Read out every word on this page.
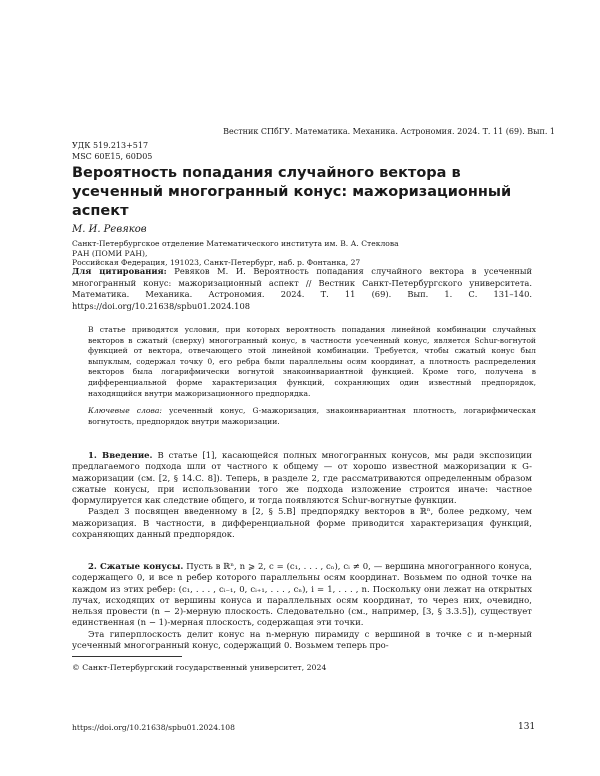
Вестник СПбГУ. Математика. Механика. Астрономия. 2024. Т. 11 (69). Вып. 1
УДК 519.213+517
MSC 60E15, 60D05
Вероятность попадания случайного вектора в усеченный многогранный конус: мажоризационный аспект
М. И. Ревяков
Санкт-Петербургское отделение Математического института им. В. А. Стеклова
РАН (ПОМИ РАН),
Российская Федерация, 191023, Санкт-Петербург, наб. р. Фонтанка, 27
Для цитирования: Ревяков М. И. Вероятность попадания случайного вектора в усеченный многогранный конус: мажоризационный аспект // Вестник Санкт-Петербургского университета. Математика. Механика. Астрономия. 2024. Т. 11 (69). Вып. 1. С. 131–140. https://doi.org/10.21638/spbu01.2024.108
В статье приводятся условия, при которых вероятность попадания линейной комбинации случайных векторов в сжатый (сверху) многогранный конус, в частности усеченный конус, является Schur-вогнутой функцией от вектора, отвечающего этой линейной комбинации. Требуется, чтобы сжатый конус был выпуклым, содержал точку 0, его ребра были параллельны осям координат, а плотность распределения векторов была логарифмически вогнутой знакоинвариантной функцией. Кроме того, получена в дифференциальной форме характеризация функций, сохраняющих один известный предпорядок, находящийся внутри мажоризационного предпорядка.
Ключевые слова: усеченный конус, G-мажоризация, знакоинвариантная плотность, логарифмическая вогнутость, предпорядок внутри мажоризации.

1. Введение. В статье [1], касающейся полных многогранных конусов, мы ради экспозиции предлагаемого подхода шли от частного к общему — от хорошо известной мажоризации к G-мажоризации (см. [2, § 14.C. 8]). Теперь, в разделе 2, где рассматриваются определенным образом сжатые конусы, при использовании того же подхода изложение строится иначе: частное формулируется как следствие общего, и тогда появляются Schur-вогнутые функции.

Раздел 3 посвящен введенному в [2, § 5.B] предпорядку векторов в ℝⁿ, более редкому, чем мажоризация. В частности, в дифференциальной форме приводится характеризация функций, сохраняющих данный предпорядок.

2. Сжатые конусы. Пусть в ℝⁿ, n ⩾ 2, c = (c₁, . . . , cₙ), cᵢ ≠ 0, — вершина многогранного конуса, содержащего 0, и все n ребер которого параллельны осям координат. Возьмем по одной точке на каждом из этих ребер: (c₁, . . . , cᵢ₋₁, 0, cᵢ₊₁, . . . , cₙ), i = 1, . . . , n. Поскольку они лежат на открытых лучах, исходящих от вершины конуса и параллельных осям координат, то через них, очевидно, нельзя провести (n − 2)-мерную плоскость. Следовательно (см., например, [3, § 3.3.5]), существует единственная (n − 1)-мерная плоскость, содержащая эти точки.

Эта гиперплоскость делит конус на n-мерную пирамиду с вершиной в точке c и n-мерный усеченный многогранный конус, содержащий 0. Возьмем теперь про-

© Санкт-Петербургский государственный университет, 2024
https://doi.org/10.21638/spbu01.2024.108	131
